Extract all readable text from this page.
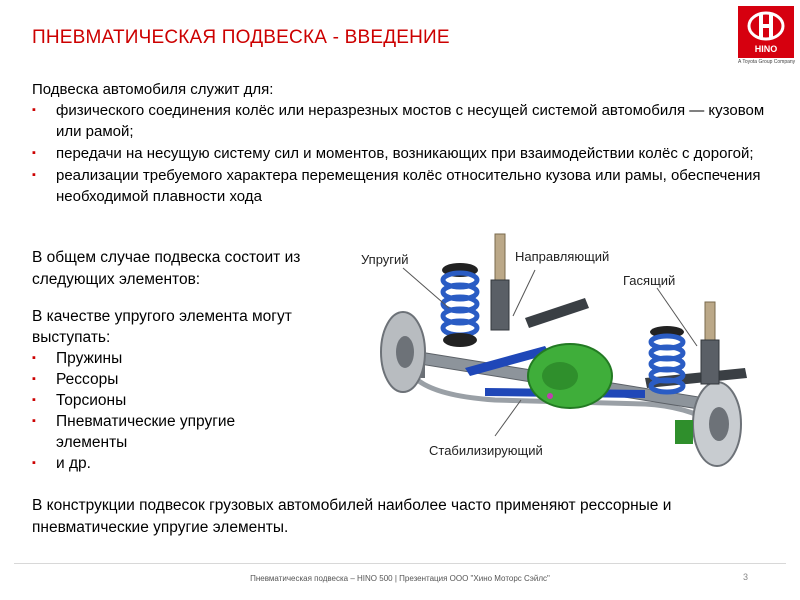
ПНЕВМАТИЧЕСКАЯ ПОДВЕСКА - ВВЕДЕНИЕ
HINO
A Toyota Group Company
Подвеска автомобиля служит для:
▪ физического соединения колёс или неразрезных мостов с несущей системой автомобиля — кузовом или рамой;
▪ передачи на несущую систему сил и моментов, возникающих при взаимодействии колёс с дорогой;
▪ реализации требуемого характера перемещения колёс относительно кузова или рамы, обеспечения необходимой плавности хода
В общем случае подвеска состоит из следующих элементов:
В качестве упругого элемента могут выступать:
▪ Пружины
▪ Рессоры
▪ Торсионы
▪ Пневматические упругие элементы
▪ и др.
Упругий	Направляющий
Гасящий
Стабилизирующий
В конструкции подвесок грузовых автомобилей наиболее часто применяют рессорные и пневматические упругие элементы.
Пневматическая подвеска – HINO 500 | Презентация ООО "Хино Моторс Сэйлс"	3
